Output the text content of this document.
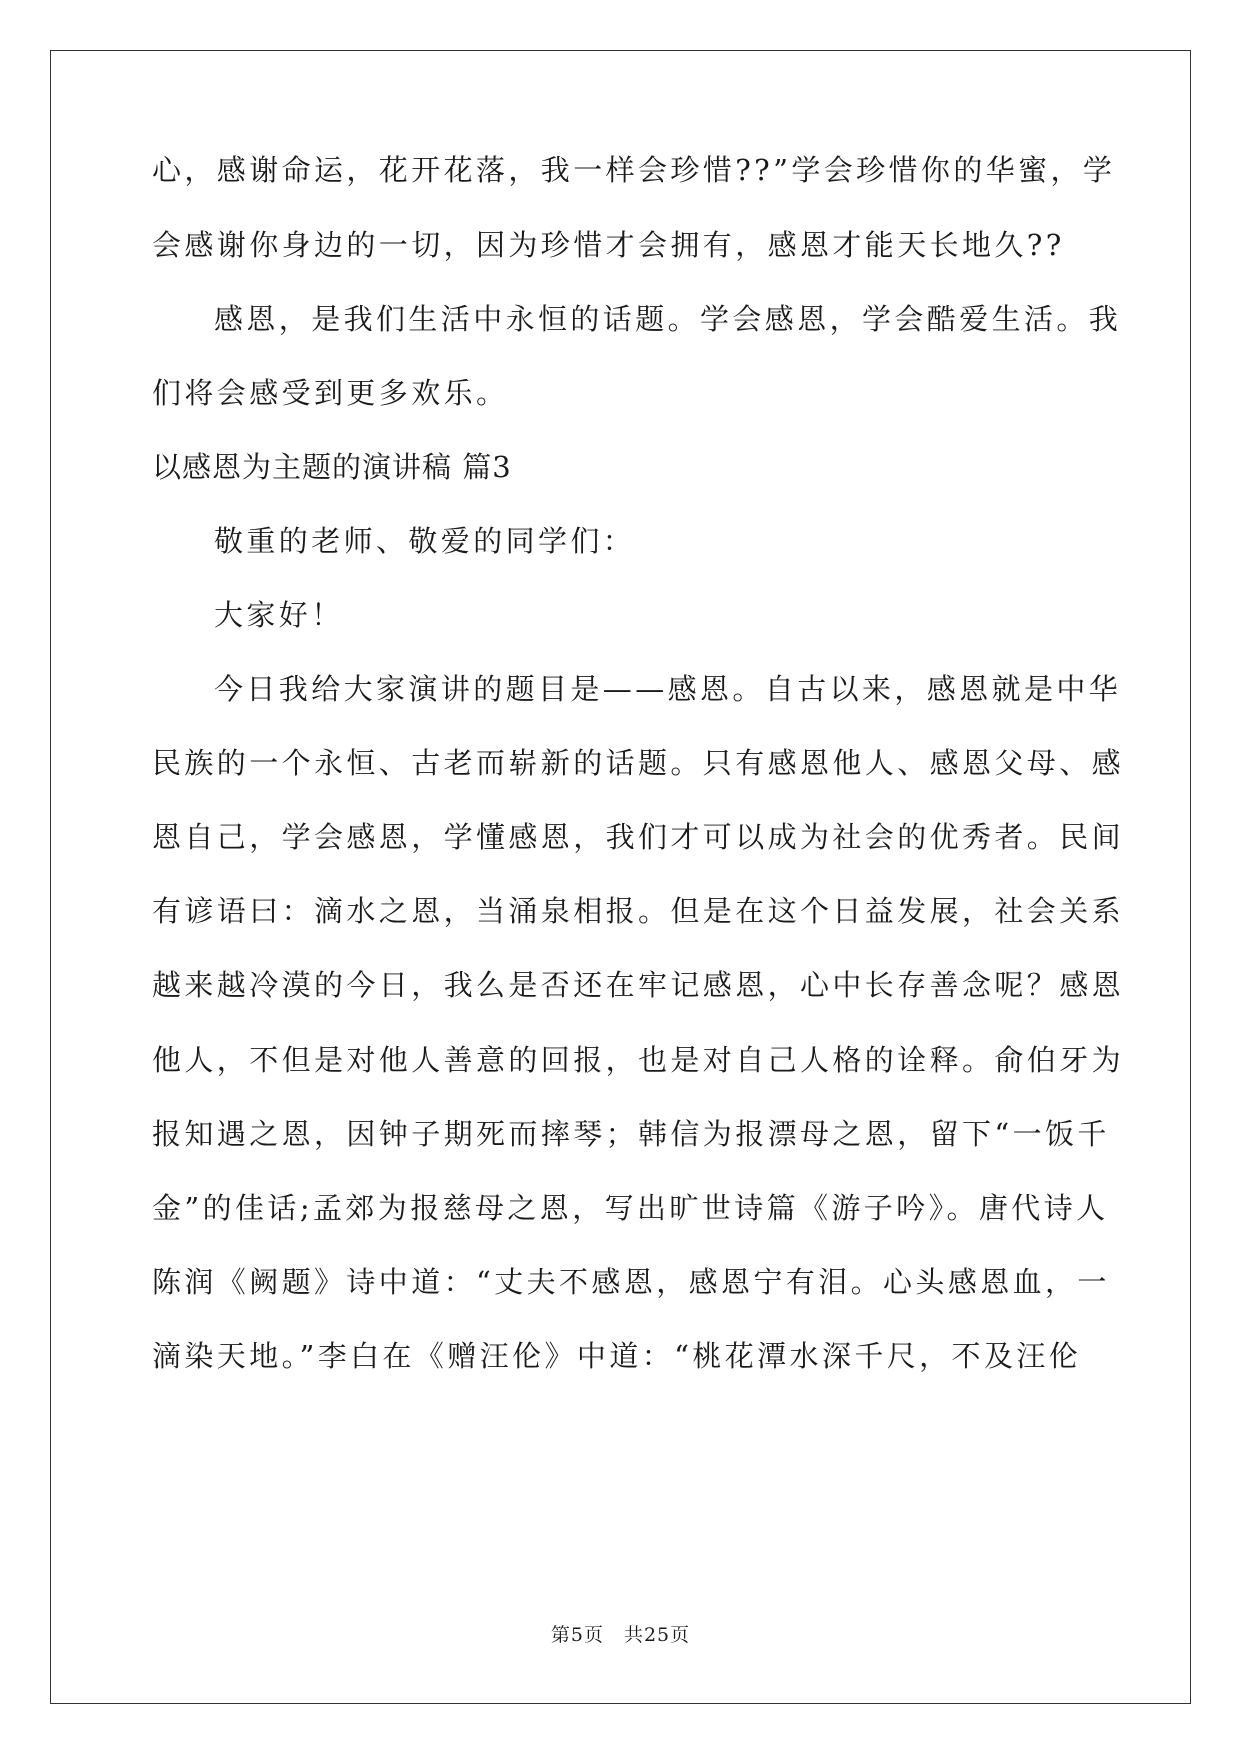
心，感谢命运，花开花落，我一样会珍惜??”学会珍惜你的华蜜，学
会感谢你身边的一切，因为珍惜才会拥有，感恩才能天长地久??
感恩，是我们生活中永恒的话题。学会感恩，学会酷爱生活。我
们将会感受到更多欢乐。
以感恩为主题的演讲稿 篇3
敬重的老师、敬爱的同学们：
大家好！
今日我给大家演讲的题目是——感恩。自古以来，感恩就是中华
民族的一个永恒、古老而崭新的话题。只有感恩他人、感恩父母、感
恩自己，学会感恩，学懂感恩，我们才可以成为社会的优秀者。民间
有谚语曰：滴水之恩，当涌泉相报。但是在这个日益发展，社会关系
越来越冷漠的今日，我么是否还在牢记感恩，心中长存善念呢？感恩
他人，不但是对他人善意的回报，也是对自己人格的诠释。俞伯牙为
报知遇之恩，因钟子期死而摔琴；韩信为报漂母之恩，留下“一饭千
金”的佳话;孟郊为报慈母之恩，写出旷世诗篇《游子吟》。唐代诗人
陈润《阙题》诗中道：“丈夫不感恩，感恩宁有泪。心头感恩血，一
滴染天地。”李白在《赠汪伦》中道：“桃花潭水深千尺，不及汪伦
第5页　共25页
